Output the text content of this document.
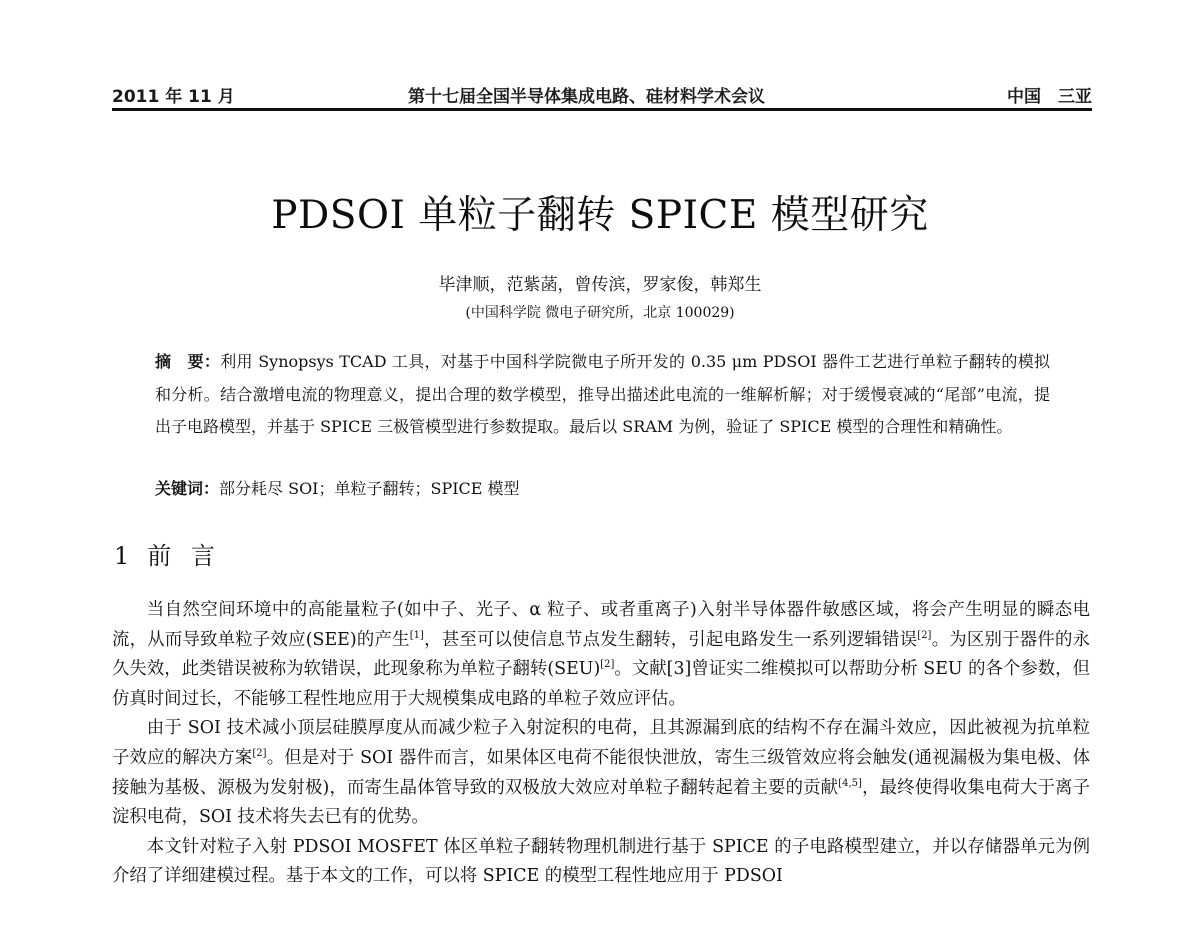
2011 年 11 月	第十七届全国半导体集成电路、硅材料学术会议	中国　三亚
PDSOI 单粒子翻转 SPICE 模型研究
毕津顺，范紫菡，曾传滨，罗家俊，韩郑生
(中国科学院 微电子研究所，北京 100029)
摘　要：利用 Synopsys TCAD 工具，对基于中国科学院微电子所开发的 0.35 μm PDSOI 器件工艺进行单粒子翻转的模拟和分析。结合激增电流的物理意义，提出合理的数学模型，推导出描述此电流的一维解析解；对于缓慢衰减的“尾部”电流，提出子电路模型，并基于 SPICE 三极管模型进行参数提取。最后以 SRAM 为例，验证了 SPICE 模型的合理性和精确性。
关键词：部分耗尽 SOI；单粒子翻转；SPICE 模型
1 前 言

当自然空间环境中的高能量粒子(如中子、光子、α 粒子、或者重离子)入射半导体器件敏感区域，将会产生明显的瞬态电流，从而导致单粒子效应(SEE)的产生[1]，甚至可以使信息节点发生翻转，引起电路发生一系列逻辑错误[2]。为区别于器件的永久失效，此类错误被称为软错误，此现象称为单粒子翻转(SEU)[2]。文献[3]曾证实二维模拟可以帮助分析 SEU 的各个参数，但仿真时间过长，不能够工程性地应用于大规模集成电路的单粒子效应评估。

由于 SOI 技术减小顶层硅膜厚度从而减少粒子入射淀积的电荷，且其源漏到底的结构不存在漏斗效应，因此被视为抗单粒子效应的解决方案[2]。但是对于 SOI 器件而言，如果体区电荷不能很快泄放，寄生三级管效应将会触发(通视漏极为集电极、体接触为基极、源极为发射极)，而寄生晶体管导致的双极放大效应对单粒子翻转起着主要的贡献[4,5]，最终使得收集电荷大于离子淀积电荷，SOI 技术将失去已有的优势。

本文针对粒子入射 PDSOI MOSFET 体区单粒子翻转物理机制进行基于 SPICE 的子电路模型建立，并以存储器单元为例介绍了详细建模过程。基于本文的工作，可以将 SPICE 的模型工程性地应用于 PDSOI
